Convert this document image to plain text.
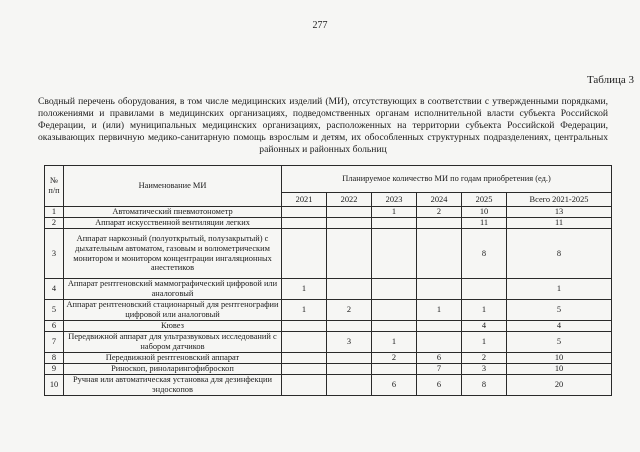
277
Таблица 3
Сводный перечень оборудования, в том числе медицинских изделий (МИ), отсутствующих в соответствии с утвержденными порядками, положениями и правилами в медицинских организациях, подведомственных органам исполнительной власти субъекта Российской Федерации, и (или) муниципальных медицинских организациях, расположенных на территории субъекта Российской Федерации, оказывающих первичную медико-санитарную помощь взрослым и детям, их обособленных структурных подразделениях, центральных районных и районных больниц
№ п/п	Наименование МИ	Планируемое количество МИ по годам приобретения (ед.)					
		2021	2022	2023	2024	2025	Всего 2021-2025
1	Автоматический пневмотонометр			1	2	10	13
2	Аппарат искусственной вентиляции легких					11	11
3	Аппарат наркозный (полуоткрытый, полузакрытый) с дыхательным автоматом, газовым и волюметрическим монитором и монитором концентрации ингаляционных анестетиков					8	8
4	Аппарат рентгеновский маммографический цифровой или аналоговый	1					1
5	Аппарат рентгеновский стационарный для рентгенографии цифровой или аналоговый	1	2		1	1	5
6	Кювез					4	4
7	Передвижной аппарат для ультразвуковых исследований с набором датчиков		3	1		1	5
8	Передвижной рентгеновский аппарат			2	6	2	10
9	Риноскоп, ринолaрингофиброскоп				7	3	10
10	Ручная или автоматическая установка для дезинфекции эндоскопов			6	6	8	20
